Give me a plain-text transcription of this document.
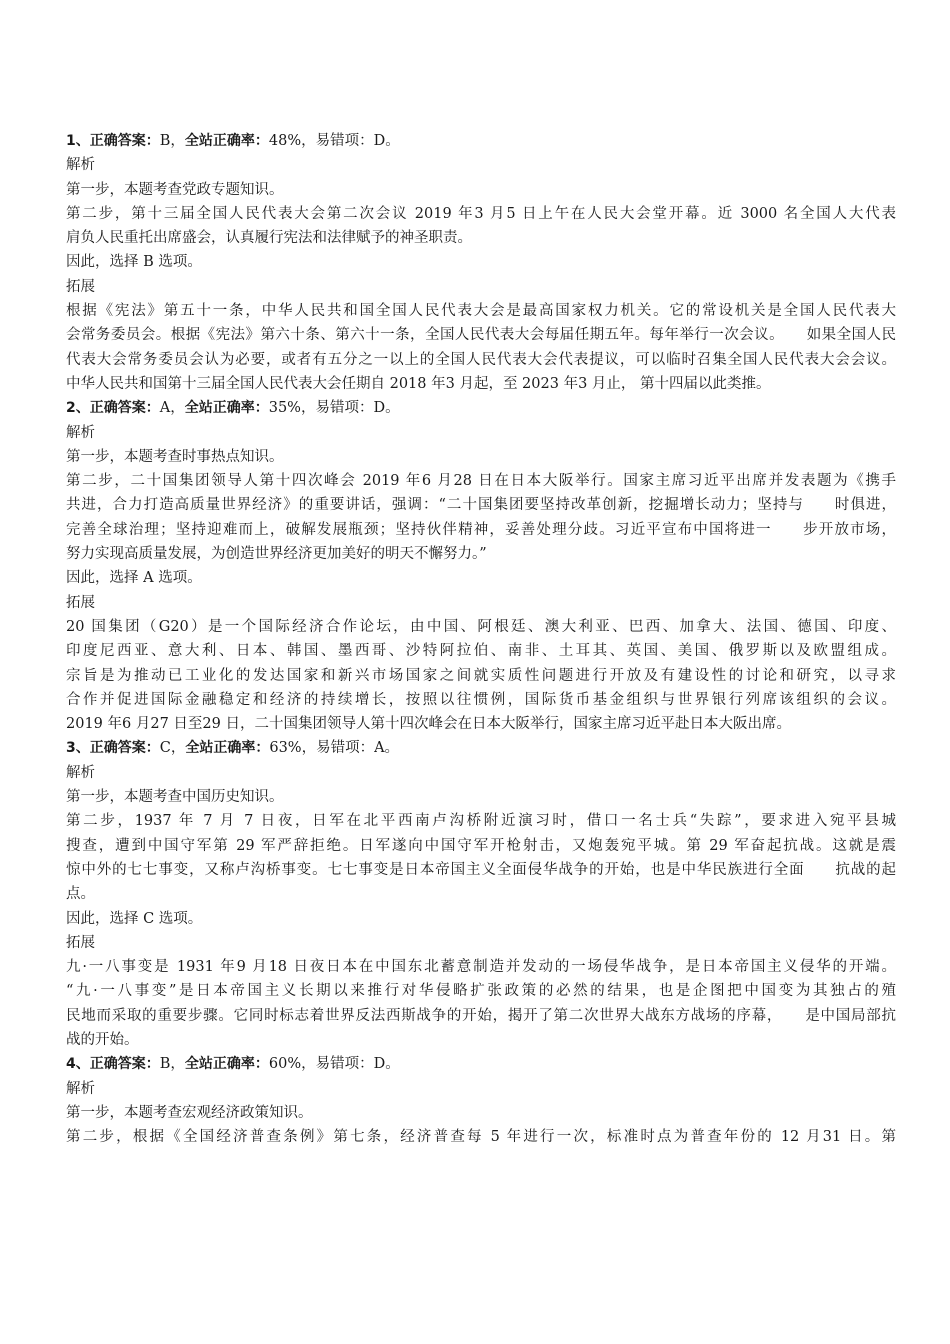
1、正确答案：B，全站正确率：48%，易错项：D。
解析
第一步，本题考查党政专题知识。
第二步，第十三届全国人民代表大会第二次会议 2019 年3 月5 日上午在人民大会堂开幕。近 3000 名全国人大代表
肩负人民重托出席盛会，认真履行宪法和法律赋予的神圣职责。
因此，选择 B 选项。
拓展
根据《宪法》第五十一条，中华人民共和国全国人民代表大会是最高国家权力机关。它的常设机关是全国人民代表大
会常务委员会。根据《宪法》第六十条、第六十一条，全国人民代表大会每届任期五年。每年举行一次会议。　　如果全国人民
代表大会常务委员会认为必要，或者有五分之一以上的全国人民代表大会代表提议，可以临时召集全国人民代表大会会议。
中华人民共和国第十三届全国人民代表大会任期自 2018 年3 月起，至 2023 年3 月止， 第十四届以此类推。
2、正确答案：A，全站正确率：35%，易错项：D。
解析
第一步，本题考查时事热点知识。
第二步，二十国集团领导人第十四次峰会 2019 年6 月28 日在日本大阪举行。国家主席习近平出席并发表题为《携手
共进，合力打造高质量世界经济》的重要讲话，强调：“二十国集团要坚持改革创新，挖掘增长动力；坚持与　　时俱进，
完善全球治理；坚持迎难而上，破解发展瓶颈；坚持伙伴精神，妥善处理分歧。习近平宣布中国将进一　　步开放市场，
努力实现高质量发展，为创造世界经济更加美好的明天不懈努力。”
因此，选择 A 选项。
拓展
20 国集团（G20）是一个国际经济合作论坛，由中国、阿根廷、澳大利亚、巴西、加拿大、法国、德国、印度、
印度尼西亚、意大利、日本、韩国、墨西哥、沙特阿拉伯、南非、土耳其、英国、美国、俄罗斯以及欧盟组成。
宗旨是为推动已工业化的发达国家和新兴市场国家之间就实质性问题进行开放及有建设性的讨论和研究，以寻求
合作并促进国际金融稳定和经济的持续增长，按照以往惯例，国际货币基金组织与世界银行列席该组织的会议。
2019 年6 月27 日至29 日，二十国集团领导人第十四次峰会在日本大阪举行，国家主席习近平赴日本大阪出席。
3、正确答案：C，全站正确率：63%，易错项：A。
解析
第一步，本题考查中国历史知识。
第二步，1937 年 7 月 7 日夜，日军在北平西南卢沟桥附近演习时，借口一名士兵“失踪”，要求进入宛平县城
搜查，遭到中国守军第 29 军严辞拒绝。日军遂向中国守军开枪射击，又炮轰宛平城。第 29 军奋起抗战。这就是震
惊中外的七七事变，又称卢沟桥事变。七七事变是日本帝国主义全面侵华战争的开始，也是中华民族进行全面　　抗战的起
点。
因此，选择 C 选项。
拓展
九·一八事变是 1931 年9 月18 日夜日本在中国东北蓄意制造并发动的一场侵华战争，是日本帝国主义侵华的开端。
“九·一八事变”是日本帝国主义长期以来推行对华侵略扩张政策的必然的结果，也是企图把中国变为其独占的殖
民地而采取的重要步骤。它同时标志着世界反法西斯战争的开始，揭开了第二次世界大战东方战场的序幕，　　是中国局部抗
战的开始。
4、正确答案：B，全站正确率：60%，易错项：D。
解析
第一步，本题考查宏观经济政策知识。
第二步，根据《全国经济普查条例》第七条，经济普查每 5 年进行一次，标准时点为普查年份的 12 月31 日。第
